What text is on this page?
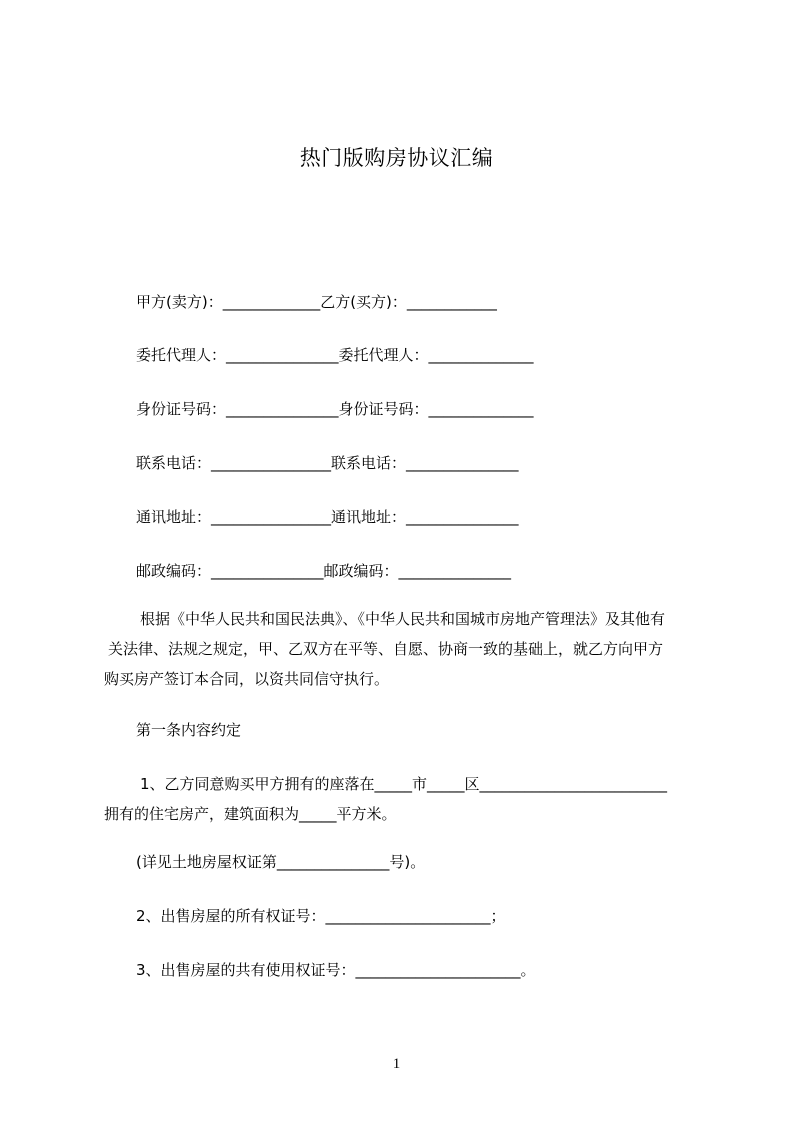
热门版购房协议汇编
甲方(卖方)：_____________乙方(买方)：____________
委托代理人：_______________委托代理人：______________
身份证号码：_______________身份证号码：______________
联系电话：________________联系电话：_______________
通讯地址：________________通讯地址：_______________
邮政编码：_______________邮政编码：_______________
根据《中华人民共和国民法典》、《中华人民共和国城市房地产管理法》及其他有
关法律、法规之规定，甲、乙双方在平等、自愿、协商一致的基础上，就乙方向甲方
购买房产签订本合同，以资共同信守执行。
第一条内容约定
1、乙方同意购买甲方拥有的座落在_____市_____区_________________________
拥有的住宅房产，建筑面积为_____平方米。
(详见土地房屋权证第_______________号)。
2、出售房屋的所有权证号：______________________；
3、出售房屋的共有使用权证号：______________________。
1
